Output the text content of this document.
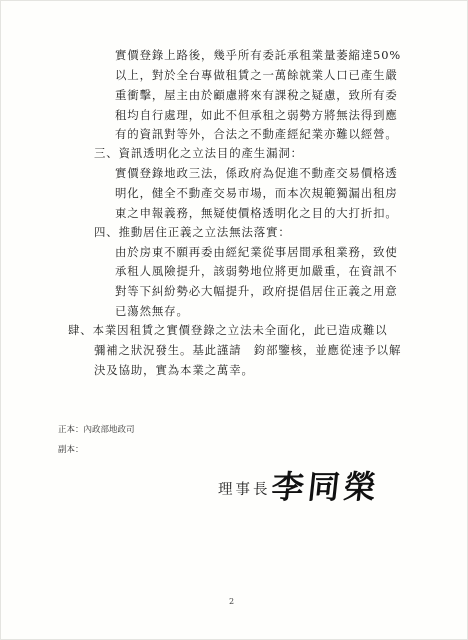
實價登錄上路後，幾乎所有委託承租業量萎縮達50%
以上，對於全台專做租賃之一萬餘就業人口已產生嚴
重衝擊，屋主由於顧慮將來有課稅之疑慮，致所有委
租均自行處理，如此不但承租之弱勢方將無法得到應
有的資訊對等外，合法之不動產經紀業亦難以經營。
三、資訊透明化之立法目的產生漏洞：
實價登錄地政三法，係政府為促進不動產交易價格透
明化，健全不動產交易市場，而本次規範獨漏出租房
東之申報義務，無疑使價格透明化之目的大打折扣。
四、推動居住正義之立法無法落實：
由於房東不願再委由經紀業從事居間承租業務，致使
承租人風險提升，該弱勢地位將更加嚴重，在資訊不
對等下糾紛勢必大幅提升，政府提倡居住正義之用意
已蕩然無存。
肆、本業因租賃之實價登錄之立法未全面化，此已造成難以
彌補之狀況發生。基此謹請　鈞部鑒核，並應從速予以解
決及協助，實為本業之萬幸。
正本：內政部地政司
副本：
理事長 李同榮
2
